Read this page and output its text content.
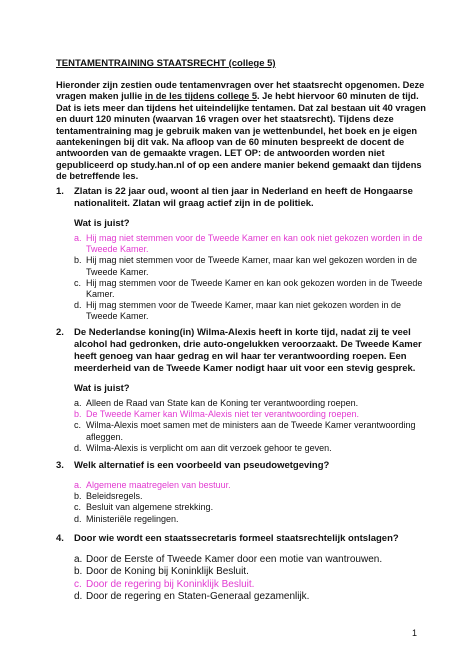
TENTAMENTRAINING STAATSRECHT (college 5)
Hieronder zijn zestien oude tentamenvragen over het staatsrecht opgenomen. Deze vragen maken jullie in de les tijdens college 5. Je hebt hiervoor 60 minuten de tijd. Dat is iets meer dan tijdens het uiteindelijke tentamen. Dat zal bestaan uit 40 vragen en duurt 120 minuten (waarvan 16 vragen over het staatsrecht). Tijdens deze tentamentraining mag je gebruik maken van je wettenbundel, het boek en je eigen aantekeningen bij dit vak. Na afloop van de 60 minuten bespreekt de docent de antwoorden van de gemaakte vragen. LET OP: de antwoorden worden niet gepubliceerd op study.han.nl of op een andere manier bekend gemaakt dan tijdens de betreffende les.
1.	Zlatan is 22 jaar oud, woont al tien jaar in Nederland en heeft de Hongaarse nationaliteit. Zlatan wil graag actief zijn in de politiek.
Wat is juist?
a. Hij mag niet stemmen voor de Tweede Kamer en kan ook niet gekozen worden in de Tweede Kamer.
b. Hij mag niet stemmen voor de Tweede Kamer, maar kan wel gekozen worden in de Tweede Kamer.
c. Hij mag stemmen voor de Tweede Kamer en kan ook gekozen worden in de Tweede Kamer.
d. Hij mag stemmen voor de Tweede Kamer, maar kan niet gekozen worden in de Tweede Kamer.
2.	De Nederlandse koning(in) Wilma-Alexis heeft in korte tijd, nadat zij te veel alcohol had gedronken, drie auto-ongelukken veroorzaakt. De Tweede Kamer heeft genoeg van haar gedrag en wil haar ter verantwoording roepen. Een meerderheid van de Tweede Kamer nodigt haar uit voor een stevig gesprek.
Wat is juist?
a. Alleen de Raad van State kan de Koning ter verantwoording roepen.
b. De Tweede Kamer kan Wilma-Alexis niet ter verantwoording roepen.
c. Wilma-Alexis moet samen met de ministers aan de Tweede Kamer verantwoording afleggen.
d. Wilma-Alexis is verplicht om aan dit verzoek gehoor te geven.
3.	Welk alternatief is een voorbeeld van pseudowetgeving?
a. Algemene maatregelen van bestuur.
b. Beleidsregels.
c. Besluit van algemene strekking.
d. Ministeriële regelingen.
4.	Door wie wordt een staatssecretaris formeel staatsrechtelijk ontslagen?
a. Door de Eerste of Tweede Kamer door een motie van wantrouwen.
b. Door de Koning bij Koninklijk Besluit.
c. Door de regering bij Koninklijk Besluit.
d. Door de regering en Staten-Generaal gezamenlijk.
1
